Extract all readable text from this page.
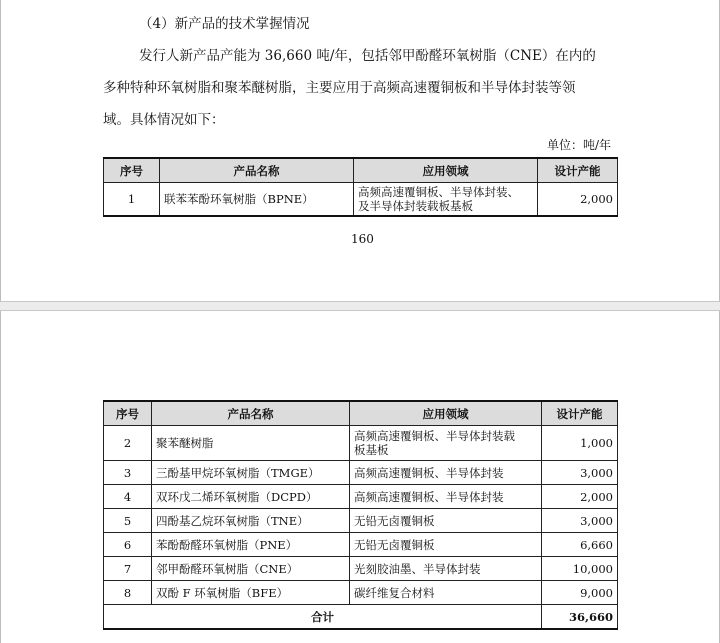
（4）新产品的技术掌握情况
发行人新产品产能为 36,660 吨/年，包括邻甲酚醛环氧树脂（CNE）在内的
多种特种环氧树脂和聚苯醚树脂，主要应用于高频高速覆铜板和半导体封装等领
域。具体情况如下：
单位：吨/年
序号	产品名称	应用领域	设计产能
1	联苯苯酚环氧树脂（BPNE）	高频高速覆铜板、半导体封装、
及半导体封装载板基板	2,000
160
序号	产品名称	应用领域	设计产能
2	聚苯醚树脂	高频高速覆铜板、半导体封装载
板基板	1,000
3	三酚基甲烷环氧树脂（TMGE）	高频高速覆铜板、半导体封装	3,000
4	双环戊二烯环氧树脂（DCPD）	高频高速覆铜板、半导体封装	2,000
5	四酚基乙烷环氧树脂（TNE）	无铅无卤覆铜板	3,000
6	苯酚酚醛环氧树脂（PNE）	无铅无卤覆铜板	6,660
7	邻甲酚醛环氧树脂（CNE）	光刻胶油墨、半导体封装	10,000
8	双酚 F 环氧树脂（BFE）	碳纤维复合材料	9,000
合计			36,660
